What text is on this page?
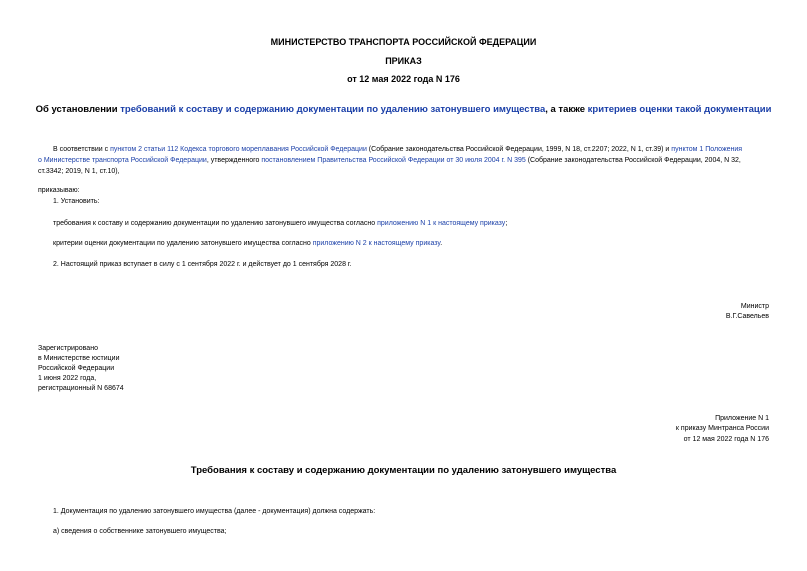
МИНИСТЕРСТВО ТРАНСПОРТА РОССИЙСКОЙ ФЕДЕРАЦИИ
ПРИКАЗ
от 12 мая 2022 года N 176
Об установлении требований к составу и содержанию документации по удалению затонувшего имущества, а также критериев оценки такой документации
В соответствии с пунктом 2 статьи 112 Кодекса торгового мореплавания Российской Федерации (Собрание законодательства Российской Федерации, 1999, N 18, ст.2207; 2022, N 1, ст.39) и пунктом 1 Положения
о Министерстве транспорта Российской Федерации, утвержденного постановлением Правительства Российской Федерации от 30 июля 2004 г. N 395 (Собрание законодательства Российской Федерации, 2004, N 32,
ст.3342; 2019, N 1, ст.10),
приказываю:
1. Установить:
требования к составу и содержанию документации по удалению затонувшего имущества согласно приложению N 1 к настоящему приказу;
критерии оценки документации по удалению затонувшего имущества согласно приложению N 2 к настоящему приказу.
2. Настоящий приказ вступает в силу с 1 сентября 2022 г. и действует до 1 сентября 2028 г.
Министр
В.Г.Савельев
Зарегистрировано
в Министерстве юстиции
Российской Федерации
1 июня 2022 года,
регистрационный N 68674
Приложение N 1
к приказу Минтранса России
от 12 мая 2022 года N 176
Требования к составу и содержанию документации по удалению затонувшего имущества
1. Документация по удалению затонувшего имущества (далее - документация) должна содержать:
а) сведения о собственнике затонувшего имущества;
